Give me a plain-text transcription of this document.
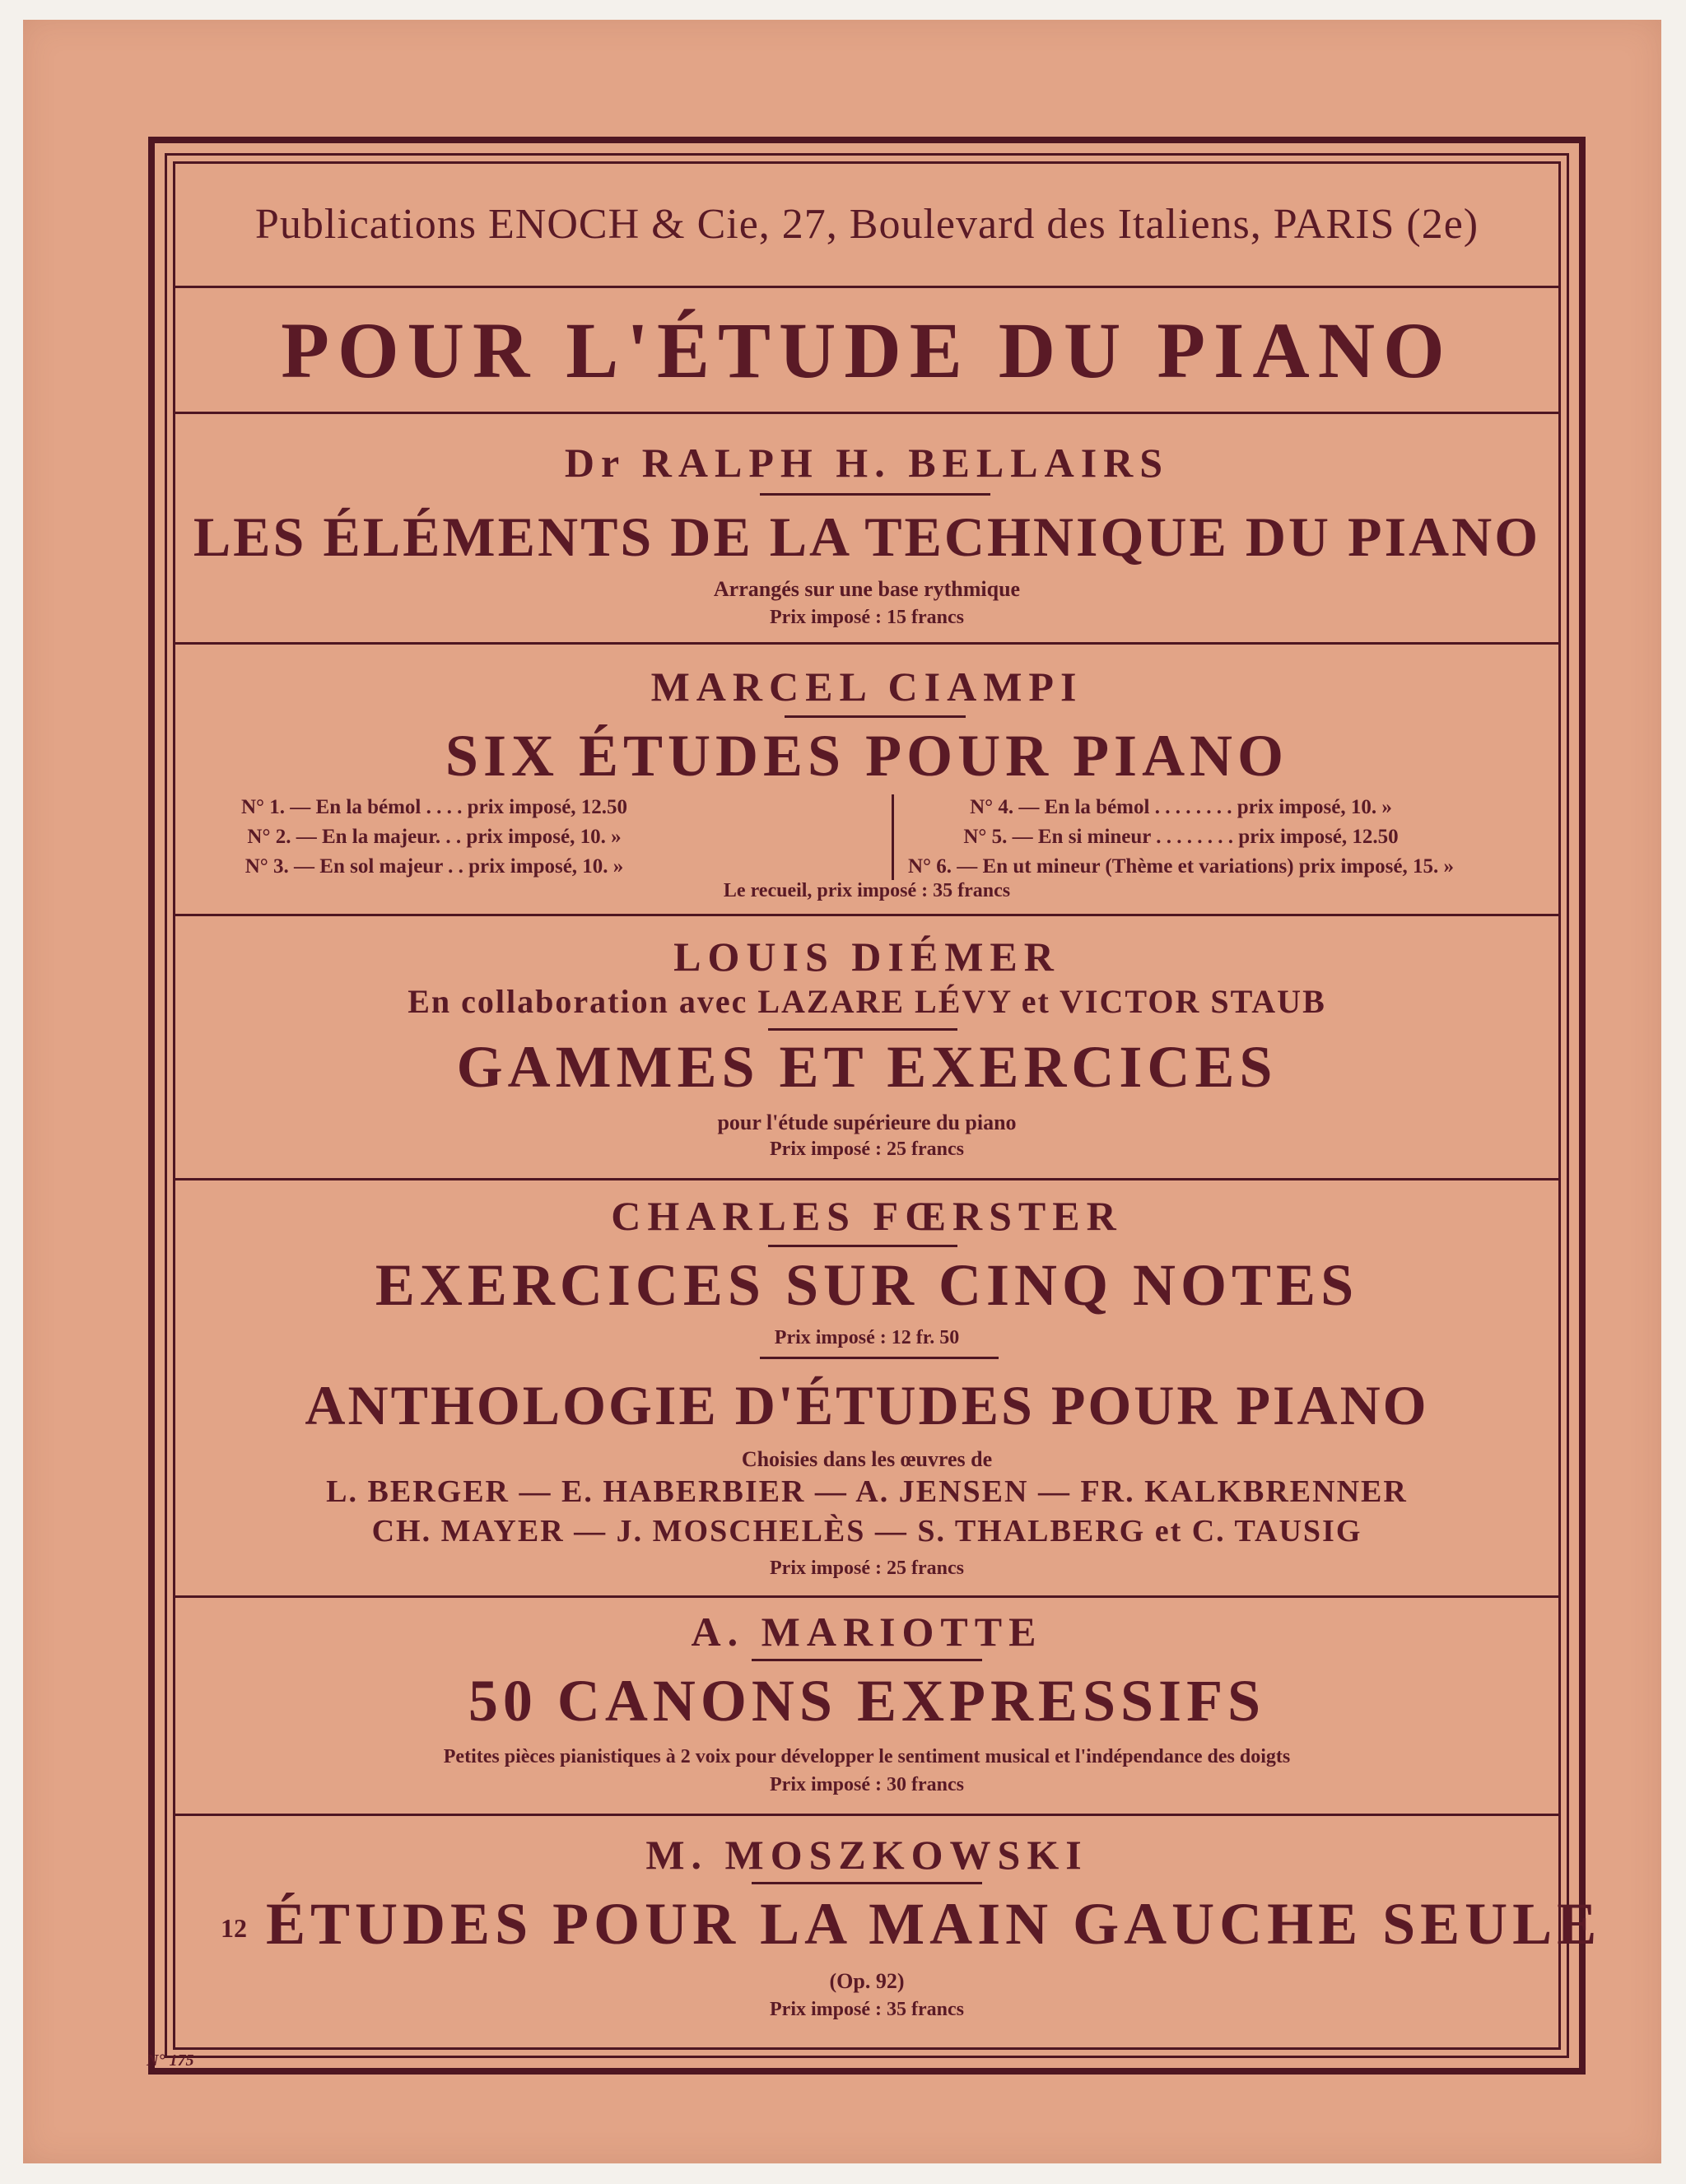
Publications ENOCH & Cie, 27, Boulevard des Italiens, PARIS (2e)
POUR L'ÉTUDE DU PIANO
Dr RALPH H. BELLAIRS
LES ÉLÉMENTS DE LA TECHNIQUE DU PIANO
Arrangés sur une base rythmique
Prix imposé : 15 francs
MARCEL CIAMPI
SIX ÉTUDES POUR PIANO
N° 1. — En la bémol . . . . prix imposé, 12.50
N° 2. — En la majeur. . . prix imposé, 10. »
N° 3. — En sol majeur . . prix imposé, 10. »
N° 4. — En la bémol . . . . . . . . prix imposé, 10. »
N° 5. — En si mineur . . . . . . . . prix imposé, 12.50
N° 6. — En ut mineur (Thème et variations) prix imposé, 15. »
Le recueil, prix imposé : 35 francs
LOUIS DIÉMER
En collaboration avec LAZARE LÉVY et VICTOR STAUB
GAMMES ET EXERCICES
pour l'étude supérieure du piano
Prix imposé : 25 francs
CHARLES FŒRSTER
EXERCICES SUR CINQ NOTES
Prix imposé : 12 fr. 50
ANTHOLOGIE D'ÉTUDES POUR PIANO
Choisies dans les œuvres de
L. BERGER — E. HABERBIER — A. JENSEN — FR. KALKBRENNER
CH. MAYER — J. MOSCHELÈS — S. THALBERG et C. TAUSIG
Prix imposé : 25 francs
A. MARIOTTE
50 CANONS EXPRESSIFS
Petites pièces pianistiques à 2 voix pour développer le sentiment musical et l'indépendance des doigts
Prix imposé : 30 francs
M. MOSZKOWSKI
12 ÉTUDES POUR LA MAIN GAUCHE SEULE
(Op. 92)
Prix imposé : 35 francs
N° 175
